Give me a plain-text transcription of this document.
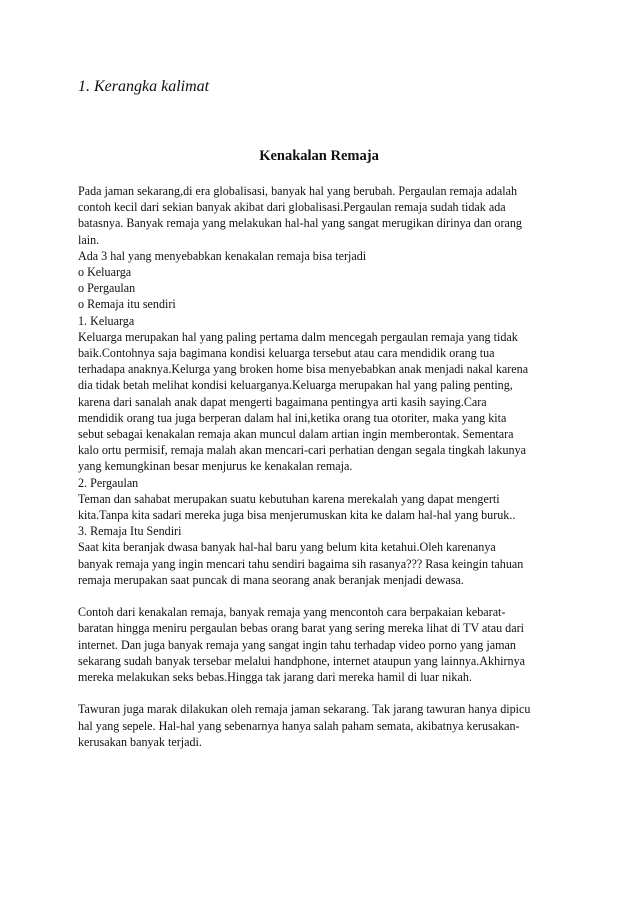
1. Kerangka kalimat
Kenakalan Remaja
Pada jaman sekarang,di era globalisasi, banyak hal yang berubah. Pergaulan remaja adalah
contoh kecil dari sekian banyak akibat dari globalisasi.Pergaulan remaja sudah tidak ada
batasnya. Banyak remaja yang melakukan hal-hal yang sangat merugikan dirinya dan orang
lain.
Ada 3 hal yang menyebabkan kenakalan remaja bisa terjadi
o Keluarga
o Pergaulan
o Remaja itu sendiri
1. Keluarga
Keluarga merupakan hal yang paling pertama dalm mencegah pergaulan remaja yang tidak
baik.Contohnya saja bagimana kondisi keluarga tersebut atau cara mendidik orang tua
terhadapa anaknya.Kelurga yang broken home bisa menyebabkan anak menjadi nakal karena
dia tidak betah melihat kondisi keluarganya.Keluarga merupakan hal yang paling penting,
karena dari sanalah anak dapat mengerti bagaimana pentingya arti kasih saying.Cara
mendidik orang tua juga berperan dalam hal ini,ketika orang tua otoriter, maka yang kita
sebut sebagai kenakalan remaja akan muncul dalam artian ingin memberontak. Sementara
kalo ortu permisif, remaja malah akan mencari-cari perhatian dengan segala tingkah lakunya
yang kemungkinan besar menjurus ke kenakalan remaja.
2. Pergaulan
Teman dan sahabat merupakan suatu kebutuhan karena merekalah yang dapat mengerti
kita.Tanpa kita sadari mereka juga bisa menjerumuskan kita ke dalam hal-hal yang buruk..
3. Remaja Itu Sendiri
Saat kita beranjak dwasa banyak hal-hal baru yang belum kita ketahui.Oleh karenanya
banyak remaja yang ingin mencari tahu sendiri bagaima sih rasanya??? Rasa keingin tahuan
remaja merupakan saat puncak di mana seorang anak beranjak menjadi dewasa.
Contoh dari kenakalan remaja, banyak remaja yang mencontoh cara berpakaian kebarat-
baratan hingga meniru pergaulan bebas orang barat yang sering mereka lihat di TV atau dari
internet. Dan juga banyak remaja yang sangat ingin tahu terhadap video porno yang jaman
sekarang sudah banyak tersebar melalui handphone, internet ataupun yang lainnya.Akhirnya
mereka melakukan seks bebas.Hingga tak jarang dari mereka hamil di luar nikah.
Tawuran juga marak dilakukan oleh remaja jaman sekarang. Tak jarang tawuran hanya dipicu
hal yang sepele. Hal-hal yang sebenarnya hanya salah paham semata, akibatnya kerusakan-
kerusakan banyak terjadi.
